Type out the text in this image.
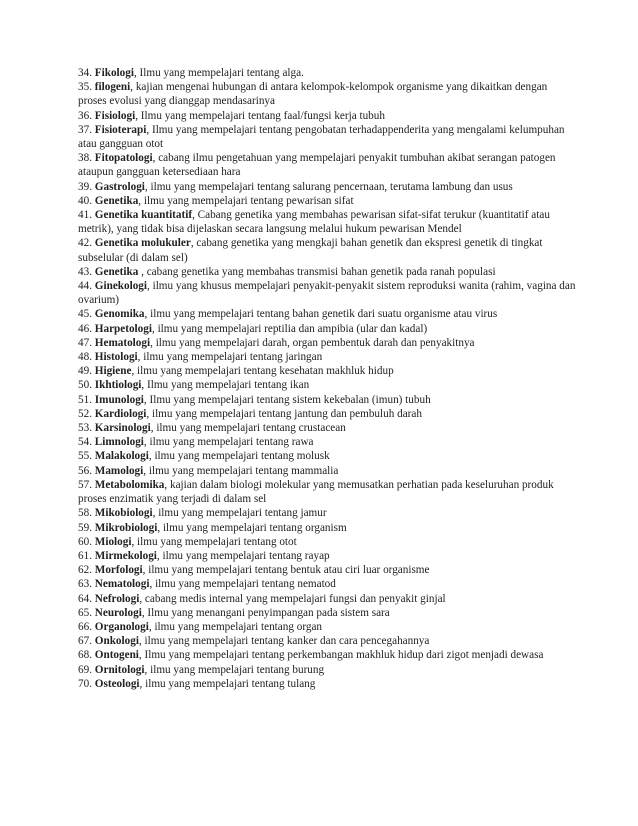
34. Fikologi, Ilmu yang mempelajari tentang alga.

35. filogeni, kajian mengenai hubungan di antara kelompok-kelompok organisme yang dikaitkan dengan proses evolusi yang dianggap mendasarinya

36. Fisiologi, Ilmu yang mempelajari tentang faal/fungsi kerja tubuh

37. Fisioterapi, Ilmu yang mempelajari tentang pengobatan terhadappenderita yang mengalami kelumpuhan atau gangguan otot

38. Fitopatologi, cabang ilmu pengetahuan yang mempelajari penyakit tumbuhan akibat serangan patogen ataupun gangguan ketersediaan hara

39. Gastrologi, ilmu yang mempelajari tentang salurang pencernaan, terutama lambung dan usus

40. Genetika, ilmu yang mempelajari tentang pewarisan sifat

41. Genetika kuantitatif, Cabang genetika yang membahas pewarisan sifat-sifat terukur (kuantitatif atau metrik), yang tidak bisa dijelaskan secara langsung melalui hukum pewarisan Mendel

42. Genetika molukuler, cabang genetika yang mengkaji bahan genetik dan ekspresi genetik di tingkat subselular (di dalam sel)

43. Genetika , cabang genetika yang membahas transmisi bahan genetik pada ranah populasi

44. Ginekologi, ilmu yang khusus mempelajari penyakit-penyakit sistem reproduksi wanita (rahim, vagina dan ovarium)

45. Genomika, ilmu yang mempelajari tentang bahan genetik dari suatu organisme atau virus

46. Harpetologi, ilmu yang mempelajari reptilia dan ampibia (ular dan kadal)

47. Hematologi, ilmu yang mempelajari darah, organ pembentuk darah dan penyakitnya

48. Histologi, ilmu yang mempelajari tentang jaringan

49. Higiene, ilmu yang mempelajari tentang kesehatan makhluk hidup

50. Ikhtiologi, Ilmu yang mempelajari tentang ikan

51. Imunologi, Ilmu yang mempelajari tentang sistem kekebalan (imun) tubuh

52. Kardiologi, ilmu yang mempelajari tentang jantung dan pembuluh darah

53. Karsinologi, ilmu yang mempelajari tentang crustacean

54. Limnologi, ilmu yang mempelajari tentang rawa

55. Malakologi, ilmu yang mempelajari tentang molusk

56. Mamologi, ilmu yang mempelajari tentang mammalia

57. Metabolomika, kajian dalam biologi molekular yang memusatkan perhatian pada keseluruhan produk proses enzimatik yang terjadi di dalam sel

58. Mikobiologi, ilmu yang mempelajari tentang jamur

59. Mikrobiologi, ilmu yang mempelajari tentang organism

60. Miologi, ilmu yang mempelajari tentang otot

61. Mirmekologi, ilmu yang mempelajari tentang rayap

62. Morfologi, ilmu yang mempelajari tentang bentuk atau ciri luar organisme

63. Nematologi, ilmu yang mempelajari tentang nematod

64. Nefrologi, cabang medis internal yang mempelajari fungsi dan penyakit ginjal

65. Neurologi, Ilmu yang menangani penyimpangan pada sistem sara

66. Organologi, ilmu yang mempelajari tentang organ

67. Onkologi, ilmu yang mempelajari tentang kanker dan cara pencegahannya

68. Ontogeni, Ilmu yang mempelajari tentang perkembangan makhluk hidup dari zigot menjadi dewasa

69. Ornitologi, ilmu yang mempelajari tentang burung

70. Osteologi, ilmu yang mempelajari tentang tulang
